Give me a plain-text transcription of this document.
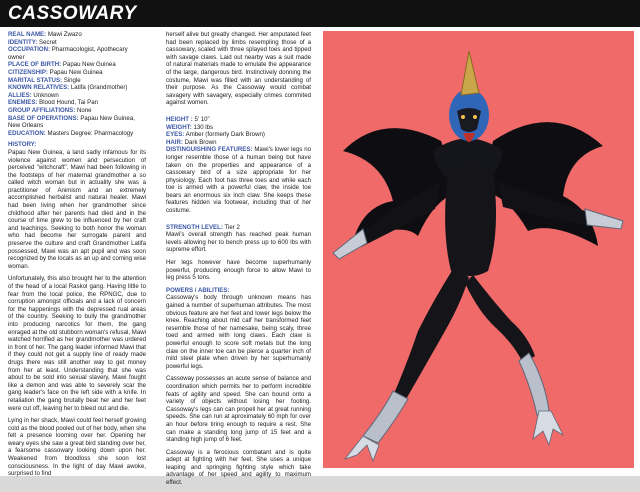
CASSOWARY
REAL NAME: Mawi Zwazo
IDENTITY: Secret
OCCUPATION: Pharmacologist, Apothecary
owner
PLACE OF BIRTH: Papau New Guinea
CITIZENSHIP: Papau New Guinea
MARITAL STATUS: Single
KNOWN RELATIVES: Latifa (Grandmother)
ALLIES: Unknown
ENEMIES: Blood Hound, Tai Pan
GROUP AFFILIATIONS: None
BASE OF OPERATIONS: Papau New Guinea,
New Orleans
EDUCATION: Masters Degree: Pharmacology
HISTORY:

Papau New Guinea, a land sadly infamous for its violence against women and persecution of perceived "witchcraft". Mawi had been following in the footsteps of her maternal grandmother a so called witch woman but in actuality she was a practitioner of Animism and an extremely accomplished herbalist and natural healer. Mawi had been living when her grandmother since childhood after her parents had died and in the course of time grew to be influenced by her craft and teachings. Seeking to both honor the woman who had become her surrogate parent and preserve the culture and craft Grandmother Latifa possessed, Mawi was an apt pupil and was soon recognized by the locals as an up and coming wise woman.

Unfortunately, this also brought her to the attention of the head of a local Raskol gang. Having little to fear from the local police, the RPNGC, due to corruption amongst officials and a lack of concern for the happenings with the depressed rual areas of the country. Seeking to bully the grandmother into producing narcotics for them, the gang enraged at the old stubborn woman's refusal, Mawi watched horrified as her grandmother was urdered in front of her. The gang leader informed Mawi that if they could not get a supply line of ready made drugs there was still another way to get money from her at least. Understanding that she was about to be sold into sexual slavery, Mawi fought like a demon and was able to severely scar the gang leader's face on the left side with a knife. In retaliation the gang brutally beat her and her feet were cut off, leaving her to bleed out and die.

Lying in her shack, Mawi could feel herself growing cold as the blood pooled out of her body, when she felt a presence looming over her. Opening her weary eyes she saw a great bird standing over her, a fearsome cassowary looking down upon her. Weakened from bloodloss she soon lost consciousness. In the light of day Mawi awoke, surprised to find

herself alive but greatly changed. Her amputated feet had been replaced by limbs resempling those of a cassowary, scaled with three splayed toes and tipped with savage claws. Laid out nearby was a suit made of natural materials made to emulate the appearance of the large, dangerous bird. Instinctively donning the costume, Mawi was filled with an understanding of their purpose. As the Cassoway would combat savagery with savagery, especially crimes commited against women.

HEIGHT : 5' 10"
WEIGHT: 130 lbs
EYES: Amber (formerly Dark Brown)
HAIR: Dark Brown

DISTINGUISHING FEATURES: Mawi's lower legs no longer resemble those of a human being but have taken on the properties and appearance of a cassowary bird of a size appropriate for her physiology. Each foot has three toes and while each toe is armed with a powerful claw, the inside toe bears an enormous six inch claw. She keeps these features hidden via footwear, including that of her costume.

STRENGTH LEVEL: Tier 2

Mawi's overall strength has reached peak human levels allowing her to bench press up to 600 lbs with supreme effort.

Her legs however have become superhumanly powerful, producing enough force to allow Mawi to leg press 5 tons.

POWERS / ABILITIES:

Cassoway's body through unknown means has gained a number of superhuman attributes. The most obvious feature are her feet and lower legs below the knee. Reaching about mid calf her transformed feet resemble those of her namesake, being scaly, three toed and armed with long claws. Each claw is powerful enough to score soft metals but the long claw on the inner toe can be pierce a quarter inch of mild steel plate when driven by her superhumanly powerful legs.

Cassoway possesses an acute sense of balance and coordination which permits her to perform incredible feats of agility and speed. She can bound onto a variety of objects without losing her footing. Cassoway's legs can can propell her at great running speeds. She can run at aproximately 60 mph for over an hour before tiring enough to require a rest. She can make a standing long jump of 15 feet and a standing high jump of 6 feet.

Cassoway is a ferocious combatant and is quite adept at fighting with her feet. She uses a unique leaping and springing fighting style which take advantage of her speed and agility to maximum effect.
